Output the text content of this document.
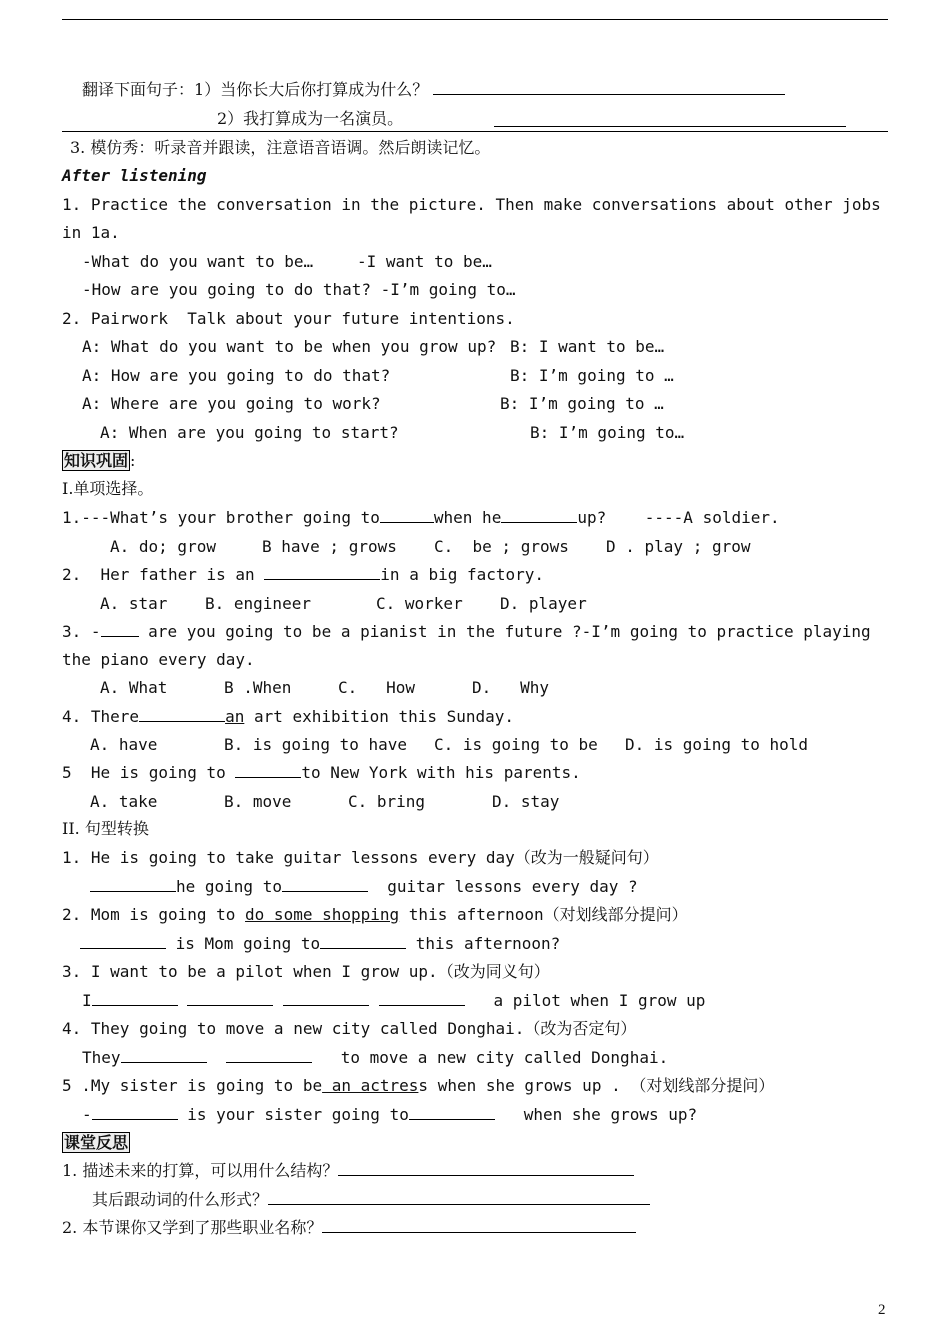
翻译下面句子：1）当你长大后你打算成为什么？
2）我打算成为一名演员。
3. 模仿秀：听录音并跟读，注意语音语调。然后朗读记忆。
After listening
1. Practice the conversation in the picture. Then make conversations about other jobs
in 1a.
-What do you want to be…	-I want to be…
-How are you going to do that? -I’m going to…
2. Pairwork  Talk about your future intentions.
A: What do you want to be when you grow up? B: I want to be…
A: How are you going to do that?	B: I’m going to …
A: Where are you going to work?	B: I’m going to …
A: When are you going to start?	B: I’m going to…
知识巩固 :
I.单项选择。
1.---What’s your brother going to	when he	up? ----A soldier.
A. do; grow	B have ; grows C.  be ; grows D . play ; grow
2.  Her father is an	in a big factory.
A. star B. engineer	C. worker D. player
3. -	are you going to be a pianist in the future ?-I’m going to practice playing
the piano every day.
A. What	B .When	C.   How	D.   Why
4. There	an art exhibition this Sunday.
A. have	B. is going to have C. is going to be D. is going to hold
5  He is going to	to New York with his parents.
A. take	B. move	C. bring	D. stay
II. 句型转换
1. He is going to take guitar lessons every day（改为一般疑问句）
he going to	guitar lessons every day ?
2. Mom is going to do some shopping this afternoon（对划线部分提问）
is Mom going to	this afternoon?
3. I want to be a pilot when I grow up.（改为同义句）
I	a pilot when I grow up
4. They going to move a new city called Donghai.（改为否定句）
They	to move a new city called Donghai.
5 .My sister is going to be an actress when she grows up . （对划线部分提问）
-	is your sister going to	when she grows up?
课堂反思
1. 描述未来的打算，可以用什么结构？
其后跟动词的什么形式？
2. 本节课你又学到了那些职业名称？
2
